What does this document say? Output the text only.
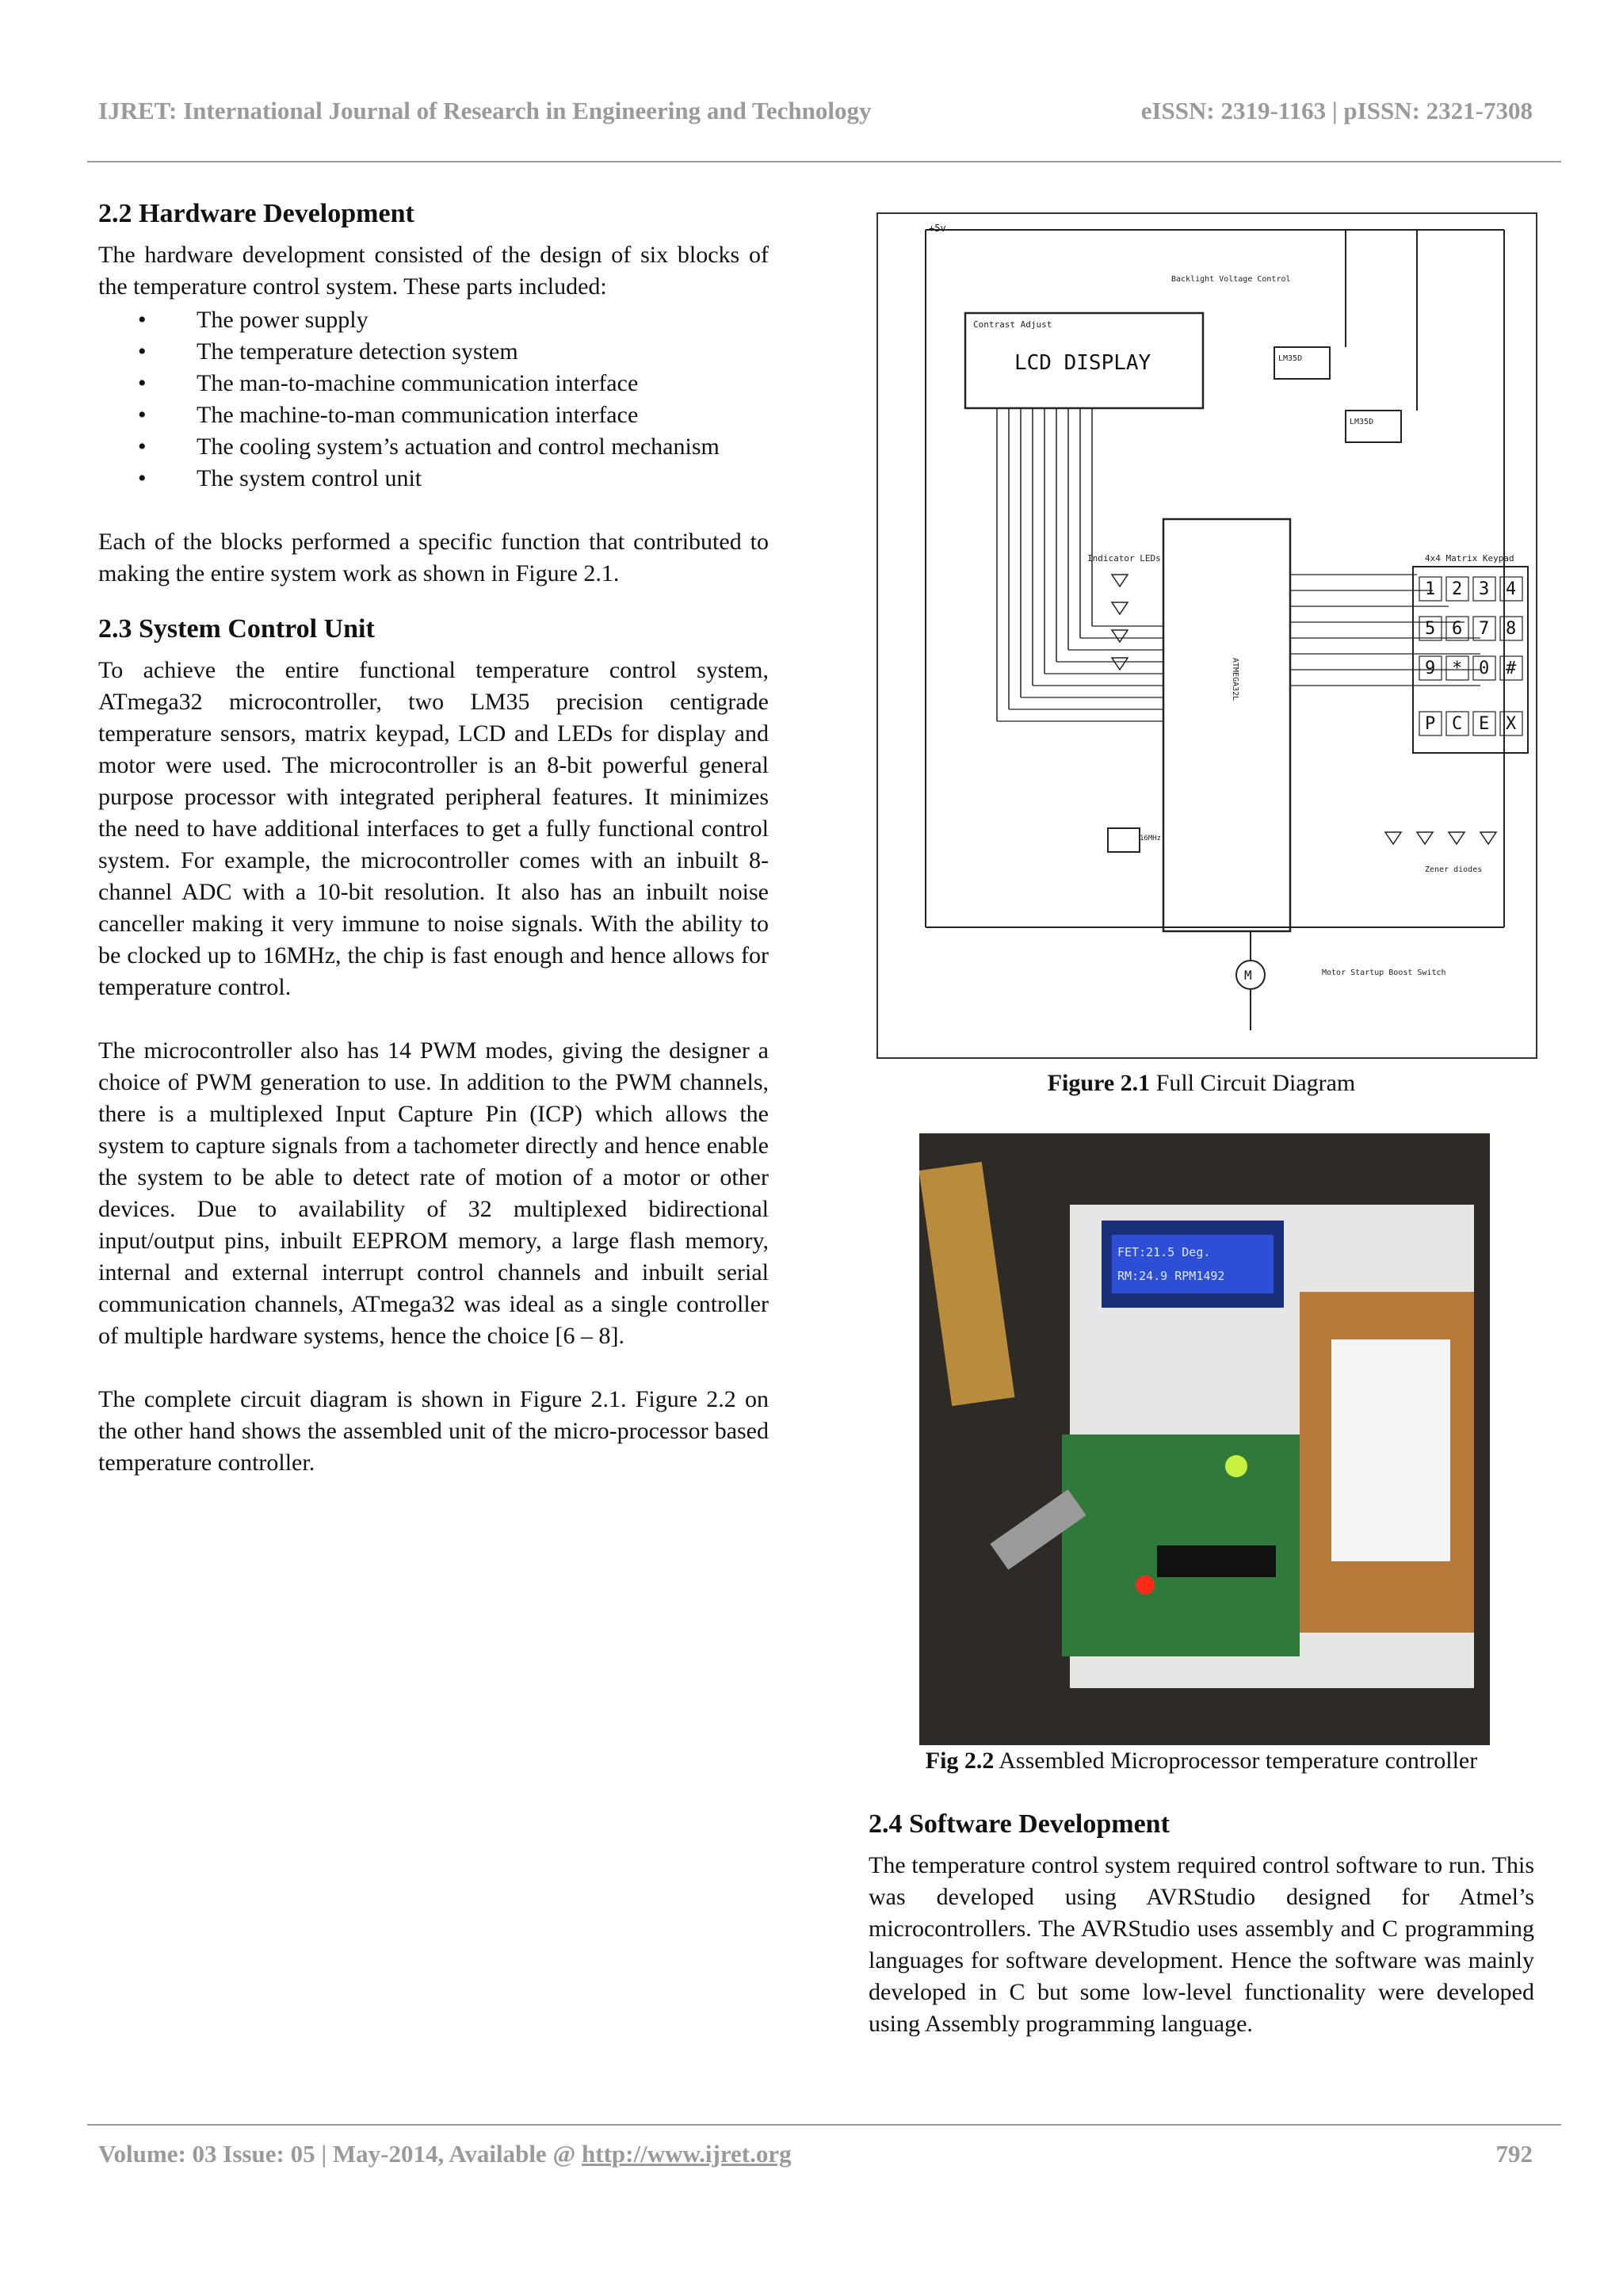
IJRET: International Journal of Research in Engineering and Technology	eISSN: 2319-1163 | pISSN: 2321-7308
2.2 Hardware Development

The hardware development consisted of the design of six blocks of the temperature control system. These parts included:

• The power supply
• The temperature detection system
• The man-to-machine communication interface
• The machine-to-man communication interface
• The cooling system’s actuation and control mechanism
• The system control unit

Each of the blocks performed a specific function that contributed to making the entire system work as shown in Figure 2.1.

2.3 System Control Unit

To achieve the entire functional temperature control system, ATmega32 microcontroller, two LM35 precision centigrade temperature sensors, matrix keypad, LCD and LEDs for display and motor were used. The microcontroller is an 8-bit powerful general purpose processor with integrated peripheral features. It minimizes the need to have additional interfaces to get a fully functional control system. For example, the microcontroller comes with an inbuilt 8-channel ADC with a 10-bit resolution. It also has an inbuilt noise canceller making it very immune to noise signals. With the ability to be clocked up to 16MHz, the chip is fast enough and hence allows for temperature control.

The microcontroller also has 14 PWM modes, giving the designer a choice of PWM generation to use. In addition to the PWM channels, there is a multiplexed Input Capture Pin (ICP) which allows the system to capture signals from a tachometer directly and hence enable the system to be able to detect rate of motion of a motor or other devices. Due to availability of 32 multiplexed bidirectional input/output pins, inbuilt EEPROM memory, a large flash memory, internal and external interrupt control channels and inbuilt serial communication channels, ATmega32 was ideal as a single controller of multiple hardware systems, hence the choice [6 – 8].

The complete circuit diagram is shown in Figure 2.1. Figure 2.2 on the other hand shows the assembled unit of the micro-processor based temperature controller.

+5v
Contrast Adjust
LCD DISPLAY
Backlight Voltage Control
LM35D
LM35D
ATMEGA32L
Indicator LEDs	4x4 Matrix Keypad
1 2 3 4
5 6 7 8
9 * 0 #
P C E X
Zener diodes
16MHz
M	Motor Startup Boost Switch
Figure 2.1 Full Circuit Diagram
FET:21.5 Deg.
RM:24.9 RPM1492
Fig 2.2 Assembled Microprocessor temperature controller
2.4 Software Development

The temperature control system required control software to run. This was developed using AVRStudio designed for Atmel’s microcontrollers. The AVRStudio uses assembly and C programming languages for software development. Hence the software was mainly developed in C but some low-level functionality were developed using Assembly programming language.

Volume: 03 Issue: 05 | May-2014, Available @ http://www.ijret.org	792
